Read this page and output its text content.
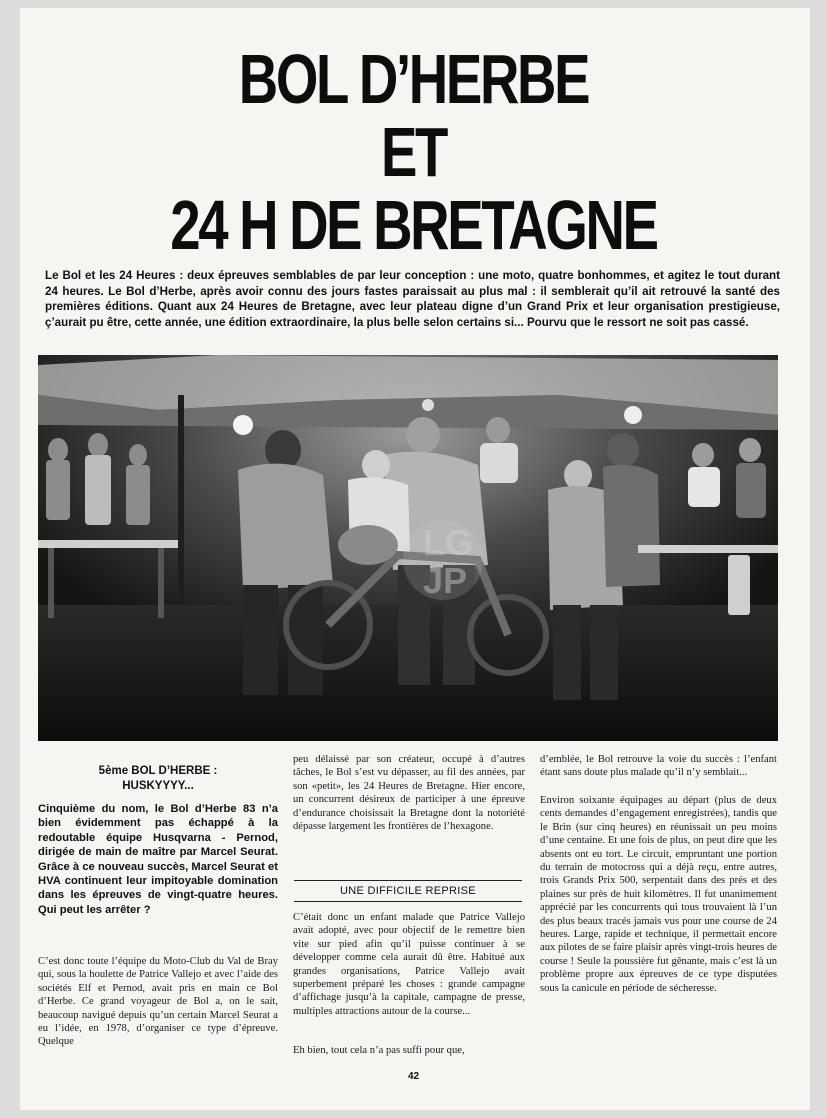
BOL D’HERBE
ET
24 H DE BRETAGNE
Le Bol et les 24 Heures : deux épreuves semblables de par leur conception : une moto, quatre bonhommes, et agitez le tout durant 24 heures. Le Bol d’Herbe, après avoir connu des jours fastes paraissait au plus mal : il semblerait qu’il ait retrouvé la santé des premières éditions. Quant aux 24 Heures de Bretagne, avec leur plateau digne d’un Grand Prix et leur organisation prestigieuse, ç’aurait pu être, cette année, une édition extraordinaire, la plus belle selon certains si... Pourvu que le ressort ne soit pas cassé.
LG
JP
5ème BOL D’HERBE :
HUSKYYYY...
Cinquième du nom, le Bol d’Herbe 83 n’a bien évidemment pas échappé à la redoutable équipe Husqvarna - Pernod, dirigée de main de maître par Marcel Seurat. Grâce à ce nouveau succès, Marcel Seurat et HVA continuent leur impitoyable domination dans les épreuves de vingt-quatre heures. Qui peut les arrêter ?
C’est donc toute l’équipe du Moto-Club du Val de Bray qui, sous la houlette de Patrice Vallejo et avec l’aide des sociétés Elf et Pernod, avait pris en main ce Bol d’Herbe. Ce grand voyageur de Bol a, on le sait, beaucoup navigué depuis qu’un certain Marcel Seurat a eu l’idée, en 1978, d’organiser ce type d’épreuve. Quelque
peu délaissé par son créateur, occupé à d’autres tâches, le Bol s’est vu dépasser, au fil des années, par son «petit», les 24 Heures de Bretagne. Hier encore, un concurrent désireux de participer à une épreuve d’endurance choisissait la Bretagne dont la notoriété dépasse largement les frontières de l’hexagone.
UNE DIFFICILE REPRISE
C’était donc un enfant malade que Patrice Vallejo avait adopté, avec pour objectif de le remettre bien vite sur pied afin qu’il puisse continuer à se développer comme cela aurait dû être. Habitué aux grandes organisations, Patrice Vallejo avait superbement préparé les choses : grande campagne d’affichage jusqu’à la capitale, campagne de presse, multiples attractions autour de la course...
Eh bien, tout cela n’a pas suffi pour que,
d’emblée, le Bol retrouve la voie du succès : l’enfant étant sans doute plus malade qu’il n’y semblait...
Environ soixante équipages au départ (plus de deux cents demandes d’engagement enregistrées), tandis que le Brin (sur cinq heures) en réunissait un peu moins d’une centaine. Et une fois de plus, on peut dire que les absents ont eu tort. Le circuit, empruntant une portion du terrain de motocross qui a déjà reçu, entre autres, trois Grands Prix 500, serpentait dans des prés et des plaines sur près de huit kilomètres. Il fut unanimement apprécié par les concurrents qui tous trouvaient là l’un des plus beaux tracés jamais vus pour une course de 24 heures. Large, rapide et technique, il permettait encore aux pilotes de se faire plaisir après vingt-trois heures de course ! Seule la poussière fut gênante, mais c’est là un problème propre aux épreuves de ce type disputées sous la canicule en période de sécheresse.
42
